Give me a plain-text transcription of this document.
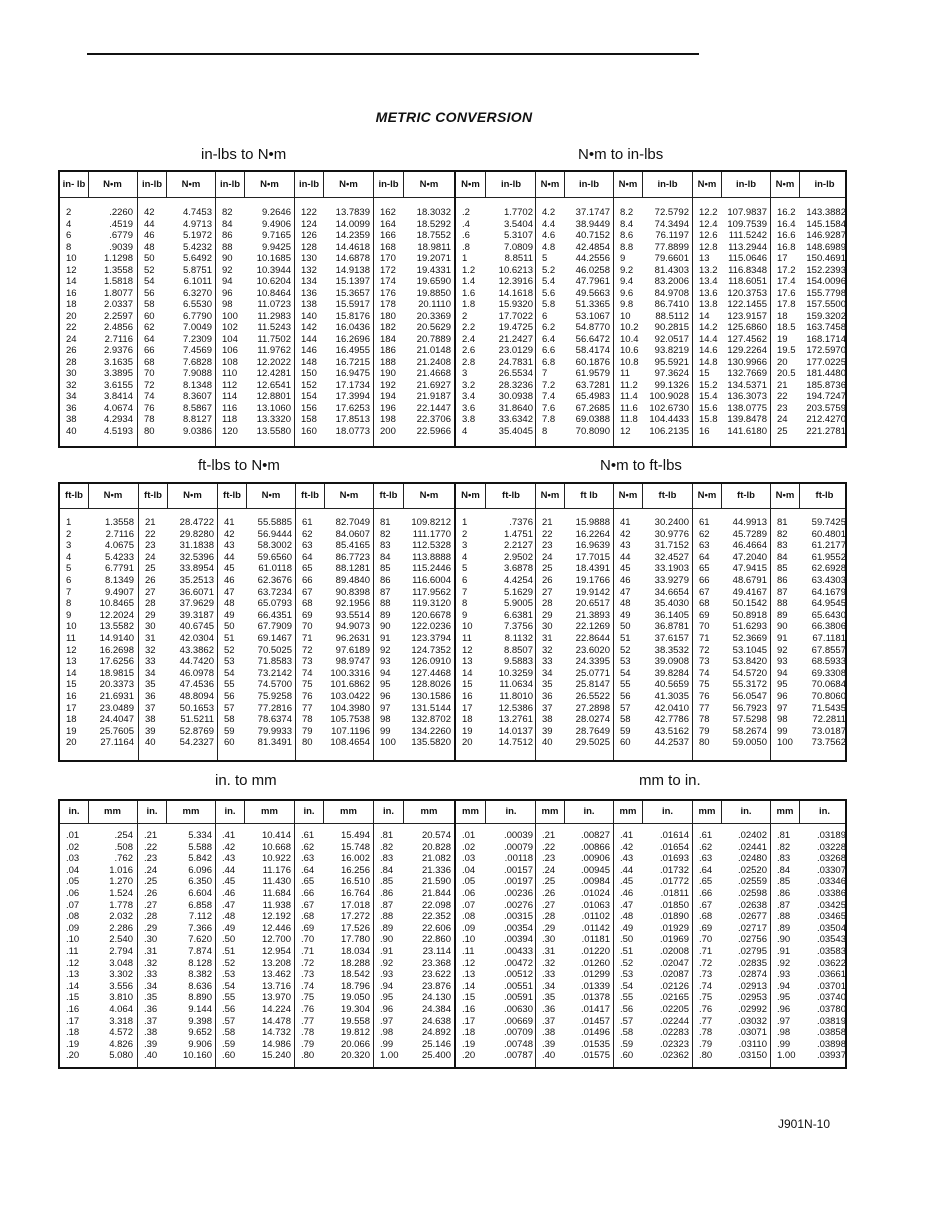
METRIC CONVERSION
in-lbs to N•m	N•m to in-lbs
ft-lbs to N•m	N•m to ft-lbs
in. to mm	mm to in.
in- lb	N•m
2	.2260
4	.4519
6	.6779
8	.9039
10	1.1298
12	1.3558
14	1.5818
16	1.8077
18	2.0337
20	2.2597
22	2.4856
24	2.7116
26	2.9376
28	3.1635
30	3.3895
32	3.6155
34	3.8414
36	4.0674
38	4.2934
40	4.5193
in-lb	N•m
42	4.7453
44	4.9713
46	5.1972
48	5.4232
50	5.6492
52	5.8751
54	6.1011
56	6.3270
58	6.5530
60	6.7790
62	7.0049
64	7.2309
66	7.4569
68	7.6828
70	7.9088
72	8.1348
74	8.3607
76	8.5867
78	8.8127
80	9.0386
in-lb	N•m
82	9.2646
84	9.4906
86	9.7165
88	9.9425
90	10.1685
92	10.3944
94	10.6204
96	10.8464
98	11.0723
100	11.2983
102	11.5243
104	11.7502
106	11.9762
108	12.2022
110	12.4281
112	12.6541
114	12.8801
116	13.1060
118	13.3320
120	13.5580
in-lb	N•m
122	13.7839
124	14.0099
126	14.2359
128	14.4618
130	14.6878
132	14.9138
134	15.1397
136	15.3657
138	15.5917
140	15.8176
142	16.0436
144	16.2696
146	16.4955
148	16.7215
150	16.9475
152	17.1734
154	17.3994
156	17.6253
158	17.8513
160	18.0773
in-lb	N•m
162	18.3032
164	18.5292
166	18.7552
168	18.9811
170	19.2071
172	19.4331
174	19.6590
176	19.8850
178	20.1110
180	20.3369
182	20.5629
184	20.7889
186	21.0148
188	21.2408
190	21.4668
192	21.6927
194	21.9187
196	22.1447
198	22.3706
200	22.5966
N•m	in-lb
.2	1.7702
.4	3.5404
.6	5.3107
.8	7.0809
1	8.8511
1.2	10.6213
1.4	12.3916
1.6	14.1618
1.8	15.9320
2	17.7022
2.2	19.4725
2.4	21.2427
2.6	23.0129
2.8	24.7831
3	26.5534
3.2	28.3236
3.4	30.0938
3.6	31.8640
3.8	33.6342
4	35.4045
N•m	in-lb
4.2	37.1747
4.4	38.9449
4.6	40.7152
4.8	42.4854
5	44.2556
5.2	46.0258
5.4	47.7961
5.6	49.5663
5.8	51.3365
6	53.1067
6.2	54.8770
6.4	56.6472
6.6	58.4174
6.8	60.1876
7	61.9579
7.2	63.7281
7.4	65.4983
7.6	67.2685
7.8	69.0388
8	70.8090
N•m	in-lb
8.2	72.5792
8.4	74.3494
8.6	76.1197
8.8	77.8899
9	79.6601
9.2	81.4303
9.4	83.2006
9.6	84.9708
9.8	86.7410
10	88.5112
10.2	90.2815
10.4	92.0517
10.6	93.8219
10.8	95.5921
11	97.3624
11.2	99.1326
11.4	100.9028
11.6	102.6730
11.8	104.4433
12	106.2135
N•m	in-lb
12.2	107.9837
12.4	109.7539
12.6	111.5242
12.8	113.2944
13	115.0646
13.2	116.8348
13.4	118.6051
13.6	120.3753
13.8	122.1455
14	123.9157
14.2	125.6860
14.4	127.4562
14.6	129.2264
14.8	130.9966
15	132.7669
15.2	134.5371
15.4	136.3073
15.6	138.0775
15.8	139.8478
16	141.6180
N•m	in-lb
16.2	143.3882
16.4	145.1584
16.6	146.9287
16.8	148.6989
17	150.4691
17.2	152.2393
17.4	154.0096
17.6	155.7798
17.8	157.5500
18	159.3202
18.5	163.7458
19	168.1714
19.5	172.5970
20	177.0225
20.5	181.4480
21	185.8736
22	194.7247
23	203.5759
24	212.4270
25	221.2781
ft-lb	N•m
1	1.3558
2	2.7116
3	4.0675
4	5.4233
5	6.7791
6	8.1349
7	9.4907
8	10.8465
9	12.2024
10	13.5582
11	14.9140
12	16.2698
13	17.6256
14	18.9815
15	20.3373
16	21.6931
17	23.0489
18	24.4047
19	25.7605
20	27.1164
ft-lb	N•m
21	28.4722
22	29.8280
23	31.1838
24	32.5396
25	33.8954
26	35.2513
27	36.6071
28	37.9629
29	39.3187
30	40.6745
31	42.0304
32	43.3862
33	44.7420
34	46.0978
35	47.4536
36	48.8094
37	50.1653
38	51.5211
39	52.8769
40	54.2327
ft-lb	N•m
41	55.5885
42	56.9444
43	58.3002
44	59.6560
45	61.0118
46	62.3676
47	63.7234
48	65.0793
49	66.4351
50	67.7909
51	69.1467
52	70.5025
53	71.8583
54	73.2142
55	74.5700
56	75.9258
57	77.2816
58	78.6374
59	79.9933
60	81.3491
ft-lb	N•m
61	82.7049
62	84.0607
63	85.4165
64	86.7723
65	88.1281
66	89.4840
67	90.8398
68	92.1956
69	93.5514
70	94.9073
71	96.2631
72	97.6189
73	98.9747
74	100.3316
75	101.6862
76	103.0422
77	104.3980
78	105.7538
79	107.1196
80	108.4654
ft-lb	N•m
81	109.8212
82	111.1770
83	112.5328
84	113.8888
85	115.2446
86	116.6004
87	117.9562
88	119.3120
89	120.6678
90	122.0236
91	123.3794
92	124.7352
93	126.0910
94	127.4468
95	128.8026
96	130.1586
97	131.5144
98	132.8702
99	134.2260
100	135.5820
N•m	ft-lb
1	.7376
2	1.4751
3	2.2127
4	2.9502
5	3.6878
6	4.4254
7	5.1629
8	5.9005
9	6.6381
10	7.3756
11	8.1132
12	8.8507
13	9.5883
14	10.3259
15	11.0634
16	11.8010
17	12.5386
18	13.2761
19	14.0137
20	14.7512
N•m	ft lb
21	15.9888
22	16.2264
23	16.9639
24	17.7015
25	18.4391
26	19.1766
27	19.9142
28	20.6517
29	21.3893
30	22.1269
31	22.8644
32	23.6020
33	24.3395
34	25.0771
35	25.8147
36	26.5522
37	27.2898
38	28.0274
39	28.7649
40	29.5025
N•m	ft-lb
41	30.2400
42	30.9776
43	31.7152
44	32.4527
45	33.1903
46	33.9279
47	34.6654
48	35.4030
49	36.1405
50	36.8781
51	37.6157
52	38.3532
53	39.0908
54	39.8284
55	40.5659
56	41.3035
57	42.0410
58	42.7786
59	43.5162
60	44.2537
N•m	ft-lb
61	44.9913
62	45.7289
63	46.4664
64	47.2040
65	47.9415
66	48.6791
67	49.4167
68	50.1542
69	50.8918
70	51.6293
71	52.3669
72	53.1045
73	53.8420
74	54.5720
75	55.3172
76	56.0547
77	56.7923
78	57.5298
79	58.2674
80	59.0050
N•m	ft-lb
81	59.7425
82	60.4801
83	61.2177
84	61.9552
85	62.6928
86	63.4303
87	64.1679
88	64.9545
89	65.6430
90	66.3806
91	67.1181
92	67.8557
93	68.5933
94	69.3308
95	70.0684
96	70.8060
97	71.5435
98	72.2811
99	73.0187
100	73.7562
in.	mm
.01	.254
.02	.508
.03	.762
.04	1.016
.05	1.270
.06	1.524
.07	1.778
.08	2.032
.09	2.286
.10	2.540
.11	2.794
.12	3.048
.13	3.302
.14	3.556
.15	3.810
.16	4.064
.17	3.318
.18	4.572
.19	4.826
.20	5.080
in.	mm
.21	5.334
.22	5.588
.23	5.842
.24	6.096
.25	6.350
.26	6.604
.27	6.858
.28	7.112
.29	7.366
.30	7.620
.31	7.874
.32	8.128
.33	8.382
.34	8.636
.35	8.890
.36	9.144
.37	9.398
.38	9.652
.39	9.906
.40	10.160
in.	mm
.41	10.414
.42	10.668
.43	10.922
.44	11.176
.45	11.430
.46	11.684
.47	11.938
.48	12.192
.49	12.446
.50	12.700
.51	12.954
.52	13.208
.53	13.462
.54	13.716
.55	13.970
.56	14.224
.57	14.478
.58	14.732
.59	14.986
.60	15.240
in.	mm
.61	15.494
.62	15.748
.63	16.002
.64	16.256
.65	16.510
.66	16.764
.67	17.018
.68	17.272
.69	17.526
.70	17.780
.71	18.034
.72	18.288
.73	18.542
.74	18.796
.75	19.050
.76	19.304
.77	19.558
.78	19.812
.79	20.066
.80	20.320
in.	mm
.81	20.574
.82	20.828
.83	21.082
.84	21.336
.85	21.590
.86	21.844
.87	22.098
.88	22.352
.89	22.606
.90	22.860
.91	23.114
.92	23.368
.93	23.622
.94	23.876
.95	24.130
.96	24.384
.97	24.638
.98	24.892
.99	25.146
1.00	25.400
mm	in.
.01	.00039
.02	.00079
.03	.00118
.04	.00157
.05	.00197
.06	.00236
.07	.00276
.08	.00315
.09	.00354
.10	.00394
.11	.00433
.12	.00472
.13	.00512
.14	.00551
.15	.00591
.16	.00630
.17	.00669
.18	.00709
.19	.00748
.20	.00787
mm	in.
.21	.00827
.22	.00866
.23	.00906
.24	.00945
.25	.00984
.26	.01024
.27	.01063
.28	.01102
.29	.01142
.30	.01181
.31	.01220
.32	.01260
.33	.01299
.34	.01339
.35	.01378
.36	.01417
.37	.01457
.38	.01496
.39	.01535
.40	.01575
mm	in.
.41	.01614
.42	.01654
.43	.01693
.44	.01732
.45	.01772
.46	.01811
.47	.01850
.48	.01890
.49	.01929
.50	.01969
.51	.02008
.52	.02047
.53	.02087
.54	.02126
.55	.02165
.56	.02205
.57	.02244
.58	.02283
.59	.02323
.60	.02362
mm	in.
.61	.02402
.62	.02441
.63	.02480
.64	.02520
.65	.02559
.66	.02598
.67	.02638
.68	.02677
.69	.02717
.70	.02756
.71	.02795
.72	.02835
.73	.02874
.74	.02913
.75	.02953
.76	.02992
.77	.03032
.78	.03071
.79	.03110
.80	.03150
mm	in.
.81	.03189
.82	.03228
.83	.03268
.84	.03307
.85	.03346
.86	.03386
.87	.03425
.88	.03465
.89	.03504
.90	.03543
.91	.03583
.92	.03622
.93	.03661
.94	.03701
.95	.03740
.96	.03780
.97	.03819
.98	.03858
.99	.03898
1.00	.03937
J901N-10
